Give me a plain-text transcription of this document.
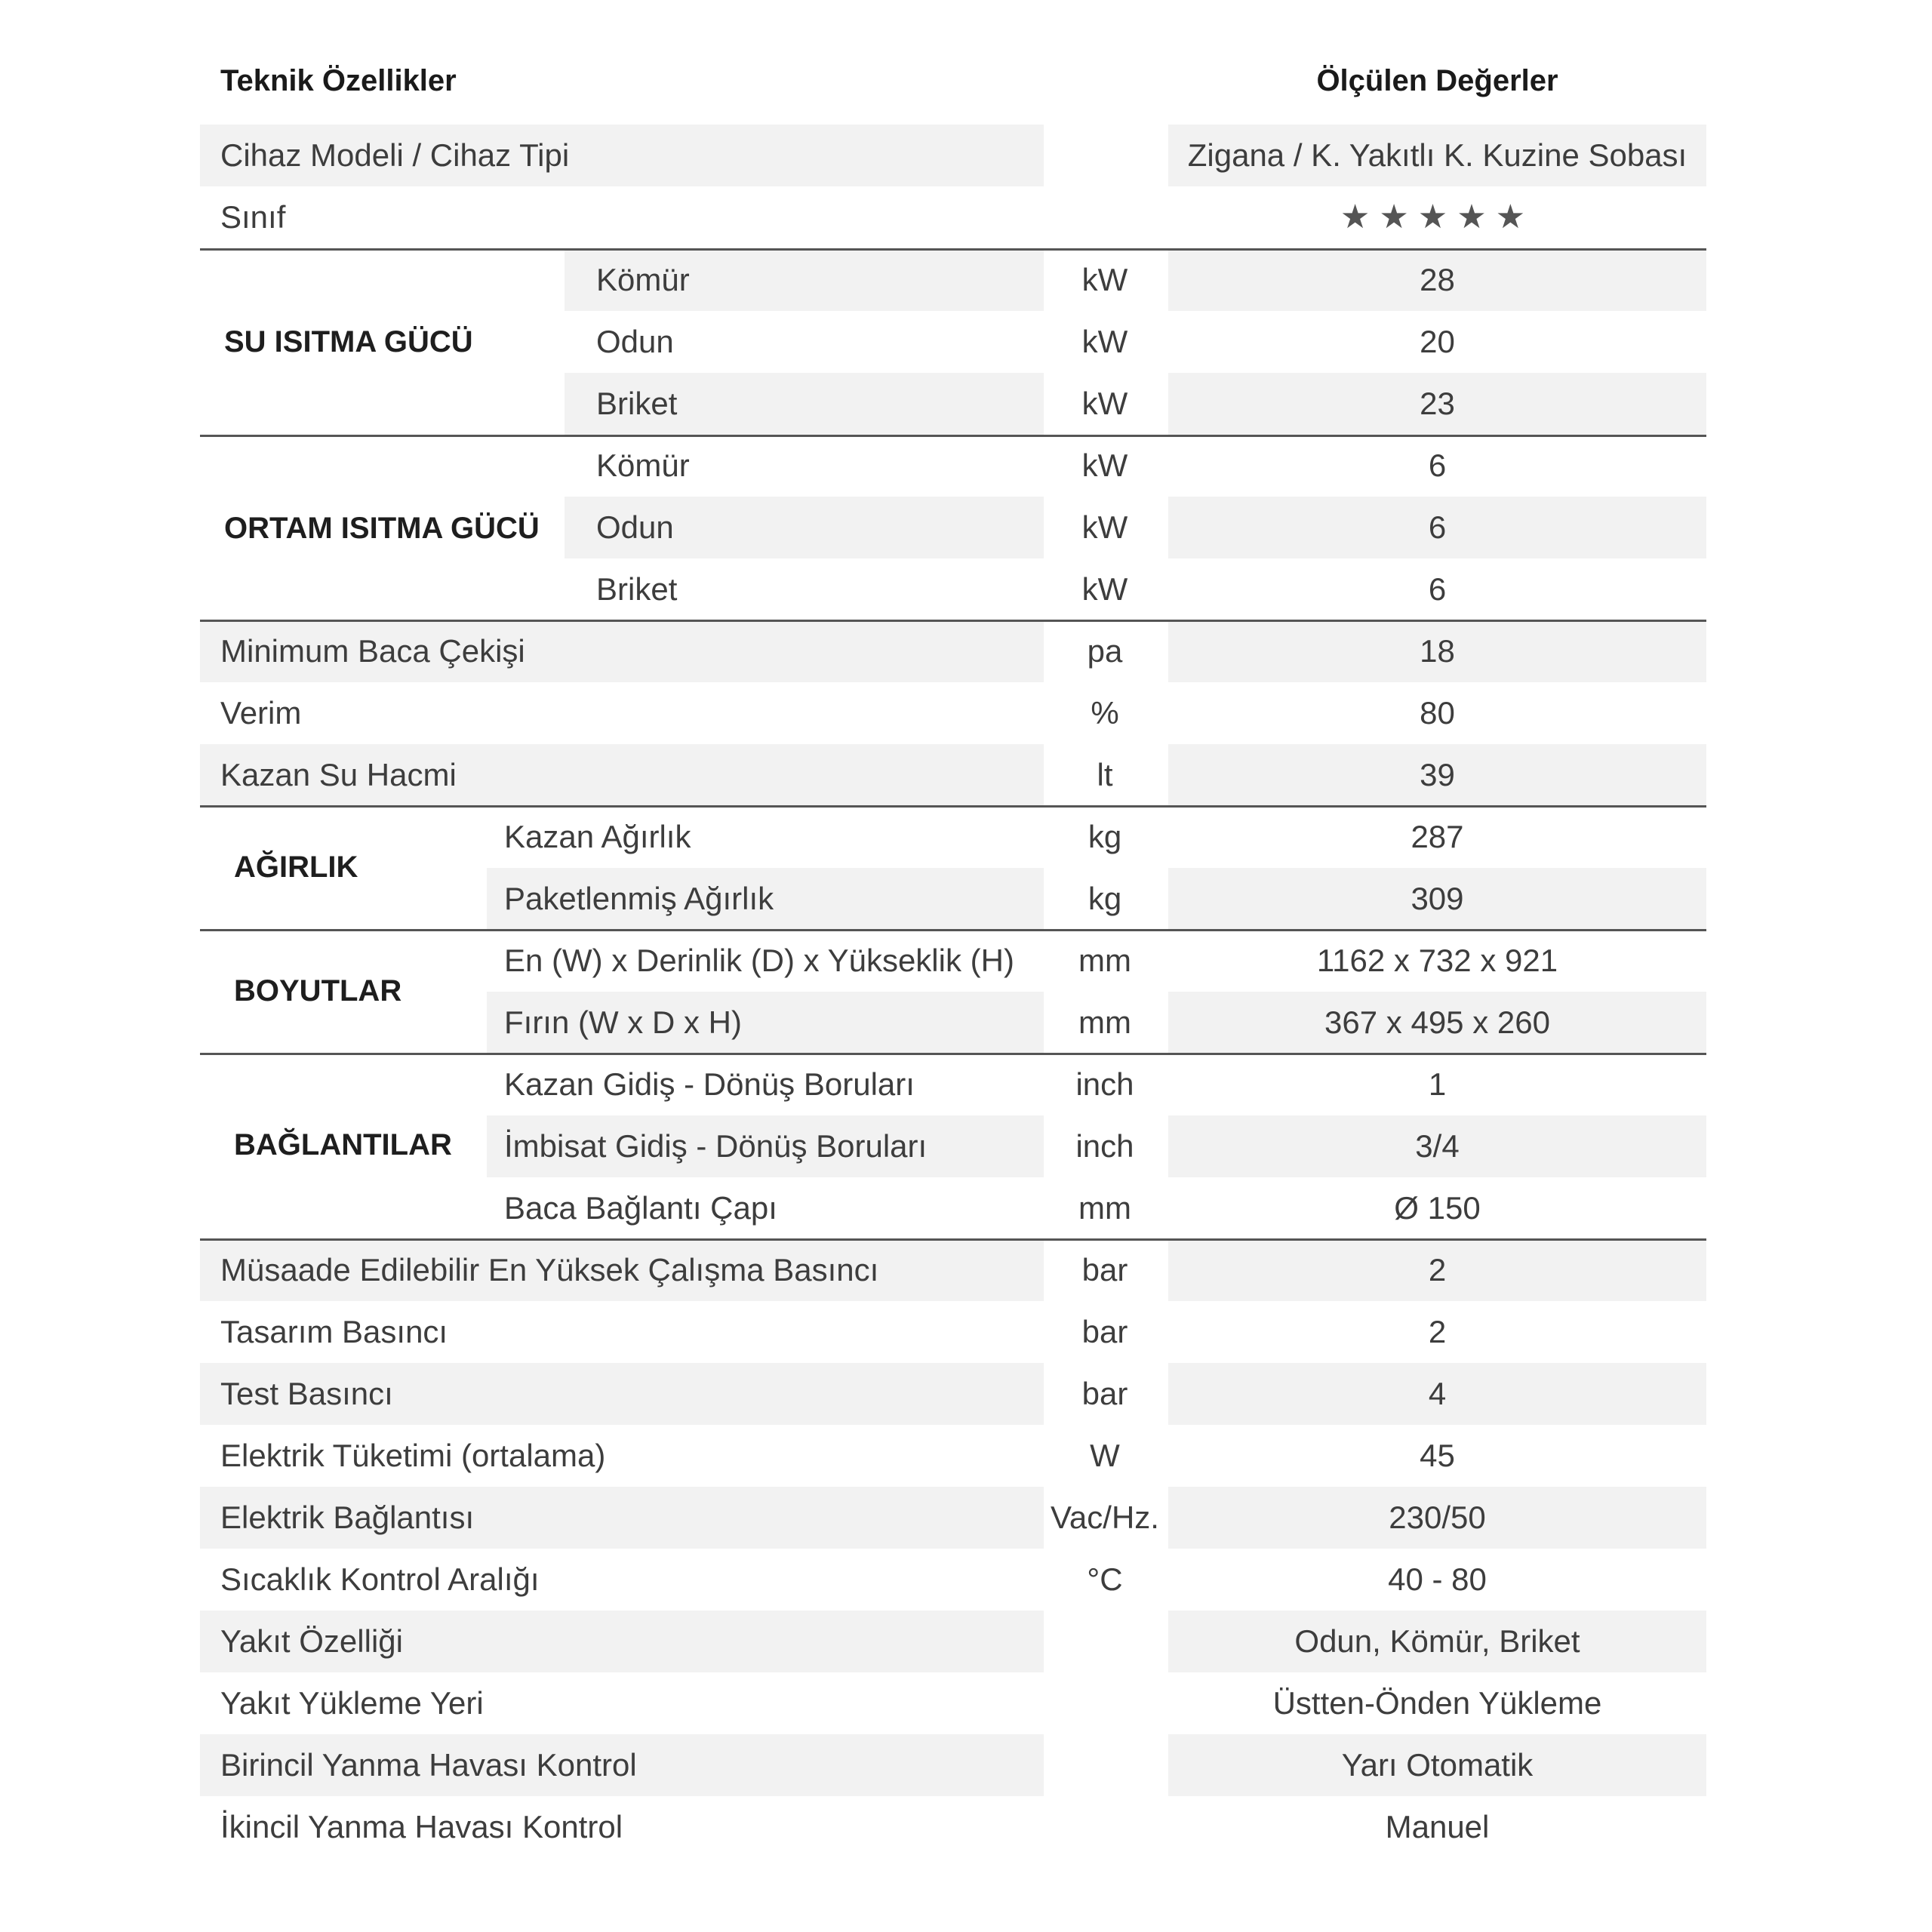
Teknik Özellikler	Ölçülen Değerler
Cihaz Modeli / Cihaz Tipi	Zigana / K. Yakıtlı K. Kuzine Sobası
Sınıf	★★★★★
SU ISITMA GÜCÜ
Kömür	kW	28
Odun	kW	20
Briket	kW	23
ORTAM ISITMA GÜCÜ
Kömür	kW	6
Odun	kW	6
Briket	kW	6
Minimum Baca Çekişi	pa	18
Verim	%	80
Kazan Su Hacmi	lt	39
AĞIRLIK
Kazan Ağırlık	kg	287
Paketlenmiş Ağırlık	kg	309
BOYUTLAR
En (W) x Derinlik (D) x Yükseklik (H)	mm	1162 x 732 x 921
Fırın (W x D x H)	mm	367 x 495 x 260
BAĞLANTILAR
Kazan Gidiş - Dönüş Boruları	inch	1
İmbisat Gidiş - Dönüş Boruları	inch	3/4
Baca Bağlantı Çapı	mm	Ø 150
Müsaade Edilebilir En Yüksek Çalışma Basıncı	bar	2
Tasarım Basıncı	bar	2
Test Basıncı	bar	4
Elektrik Tüketimi (ortalama)	W	45
Elektrik Bağlantısı	Vac/Hz.	230/50
Sıcaklık Kontrol Aralığı	°C	40 - 80
Yakıt Özelliği	Odun, Kömür, Briket
Yakıt Yükleme Yeri	Üstten-Önden Yükleme
Birincil Yanma Havası Kontrol	Yarı Otomatik
İkincil Yanma Havası Kontrol	Manuel
